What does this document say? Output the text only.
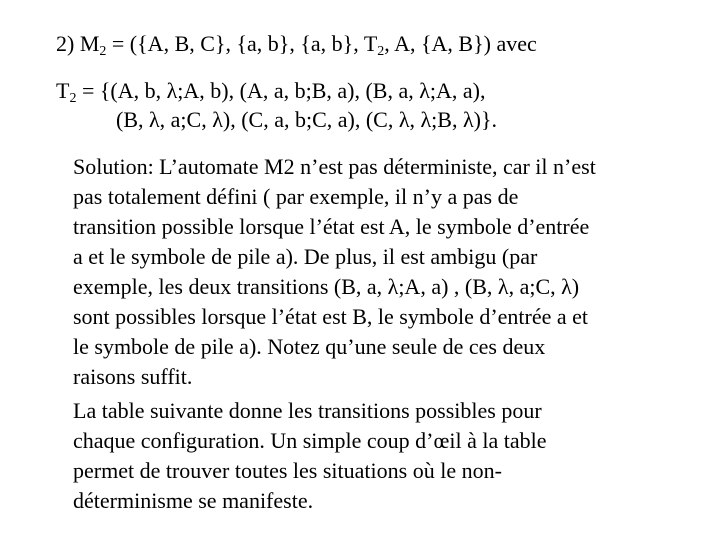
2) $M_2 = (\{A$, B, C}, {a, b}, {a, b}, $T_2$, A, {A, B}) avec
$T_2 = \{(A$, b, λ;A, b), (A, a, b;B, a), (B, a, λ;A, a),
(B, λ, a;C, λ), (C, a, b;C, a), (C, λ, λ;B, λ)}.
Solution: L’automate M2 n’est pas déterministe, car il n’est
pas totalement défini ( par exemple, il n’y a pas de
transition possible lorsque l’état est A, le symbole d’entrée
a et le symbole de pile a). De plus, il est ambigu (par
exemple, les deux transitions (B, a, λ;A, a) , (B, λ, a;C, λ)
sont possibles lorsque l’état est B, le symbole d’entrée a et
le symbole de pile a). Notez qu’une seule de ces deux
raisons suffit.
La table suivante donne les transitions possibles pour
chaque configuration. Un simple coup d’œil à la table
permet de trouver toutes les situations où le non-
déterminisme se manifeste.
